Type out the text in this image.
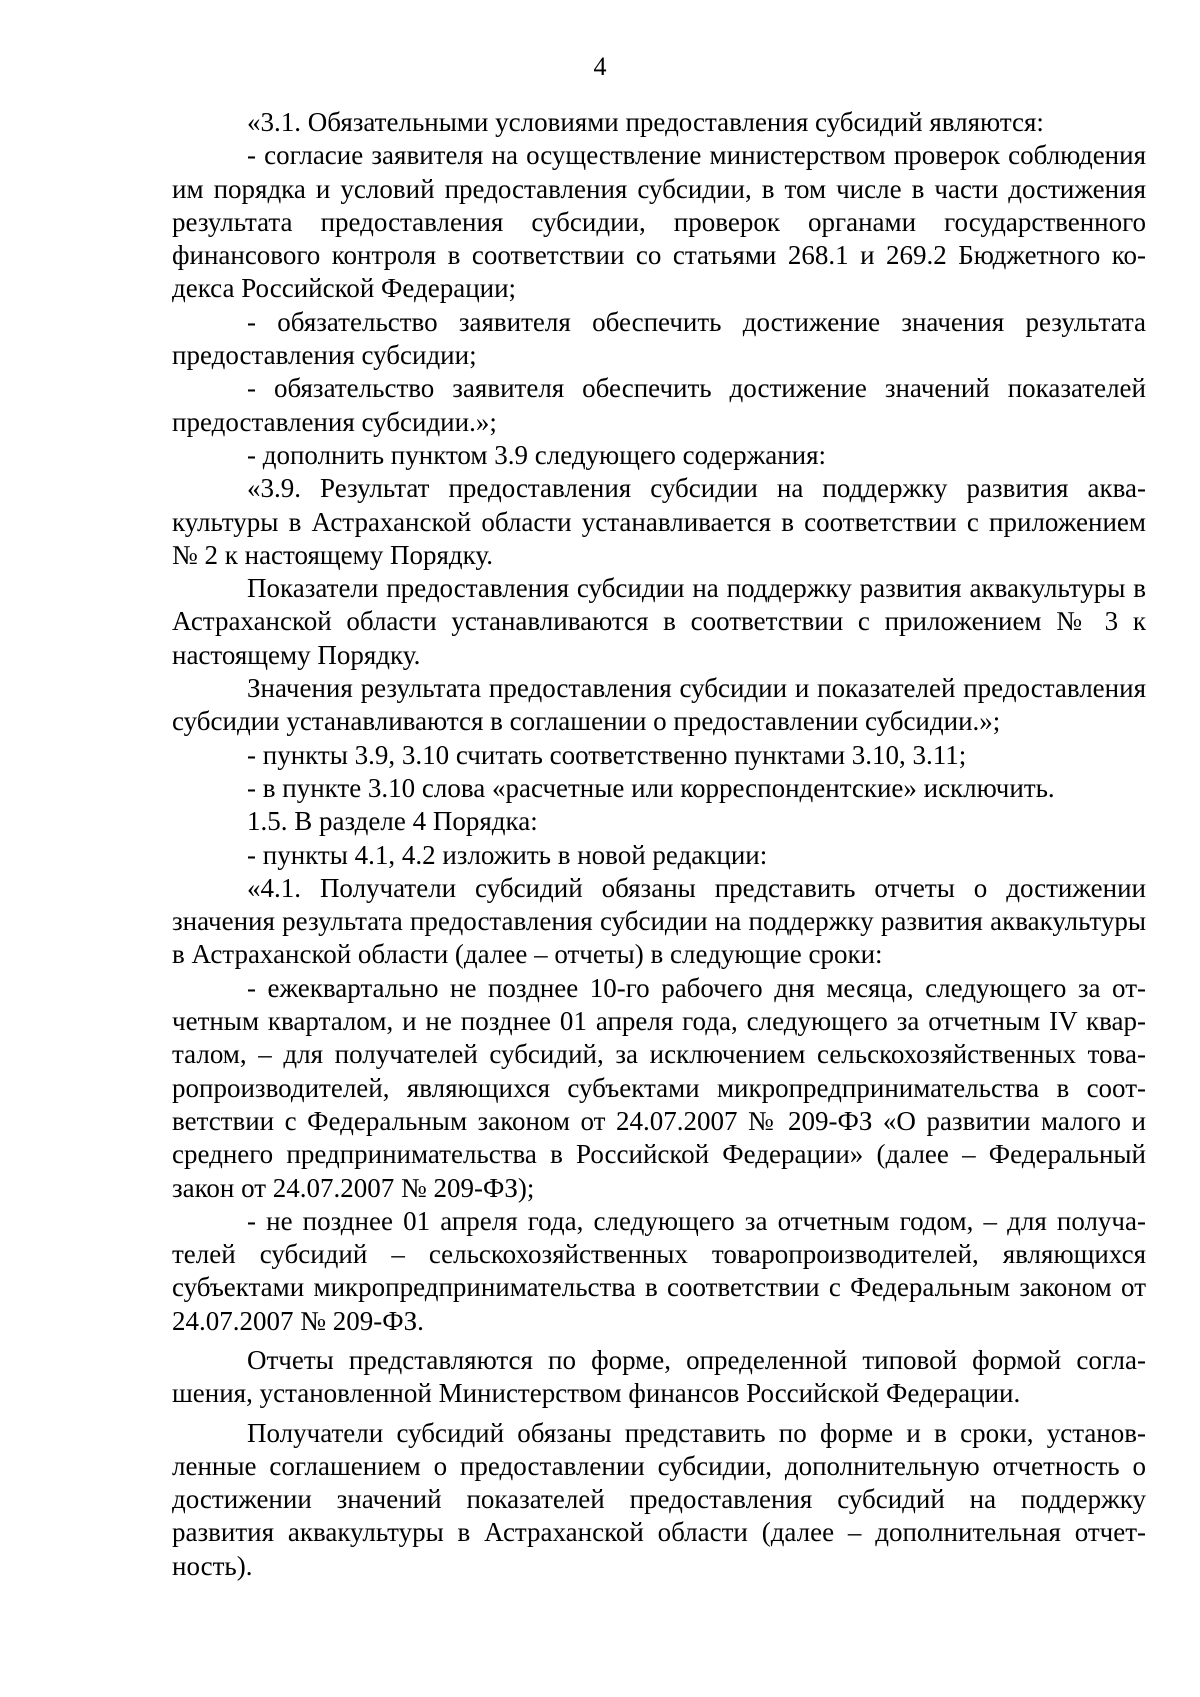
4

«3.1. Обязательными условиями предоставления субсидий являются:

- согласие заявителя на осуществление министерством проверок соблюдения им порядка и условий предоставления субсидии, в том числе в части достижения результата предоставления субсидии, проверок органами государственного финансового контроля в соответствии со статьями 268.1 и 269.2 Бюджетного кодекса Российской Федерации;

- обязательство заявителя обеспечить достижение значения результата предоставления субсидии;

- обязательство заявителя обеспечить достижение значений показателей предоставления субсидии.»;

- дополнить пунктом 3.9 следующего содержания:

«3.9. Результат предоставления субсидии на поддержку развития аквакультуры в Астраханской области устанавливается в соответствии с приложением № 2 к настоящему Порядку.

Показатели предоставления субсидии на поддержку развития аквакультуры в Астраханской области устанавливаются в соответствии с приложением № 3 к настоящему Порядку.

Значения результата предоставления субсидии и показателей предоставления субсидии устанавливаются в соглашении о предоставлении субсидии.»;

- пункты 3.9, 3.10 считать соответственно пунктами 3.10, 3.11;

- в пункте 3.10 слова «расчетные или корреспондентские» исключить.

1.5. В разделе 4 Порядка:

- пункты 4.1, 4.2 изложить в новой редакции:

«4.1. Получатели субсидий обязаны представить отчеты о достижении значения результата предоставления субсидии на поддержку развития аквакультуры в Астраханской области (далее – отчеты) в следующие сроки:

- ежеквартально не позднее 10-го рабочего дня месяца, следующего за отчетным кварталом, и не позднее 01 апреля года, следующего за отчетным IV кварталом, – для получателей субсидий, за исключением сельскохозяйственных товаропроизводителей, являющихся субъектами микропредпринимательства в соответствии с Федеральным законом от 24.07.2007 № 209-ФЗ «О развитии малого и среднего предпринимательства в Российской Федерации» (далее – Федеральный закон от 24.07.2007 № 209-ФЗ);

- не позднее 01 апреля года, следующего за отчетным годом, – для получателей субсидий – сельскохозяйственных товаропроизводителей, являющихся субъектами микропредпринимательства в соответствии с Федеральным законом от 24.07.2007 № 209-ФЗ.

Отчеты представляются по форме, определенной типовой формой соглашения, установленной Министерством финансов Российской Федерации.

Получатели субсидий обязаны представить по форме и в сроки, установленные соглашением о предоставлении субсидии, дополнительную отчетность о достижении значений показателей предоставления субсидий на поддержку развития аквакультуры в Астраханской области (далее – дополнительная отчетность).
